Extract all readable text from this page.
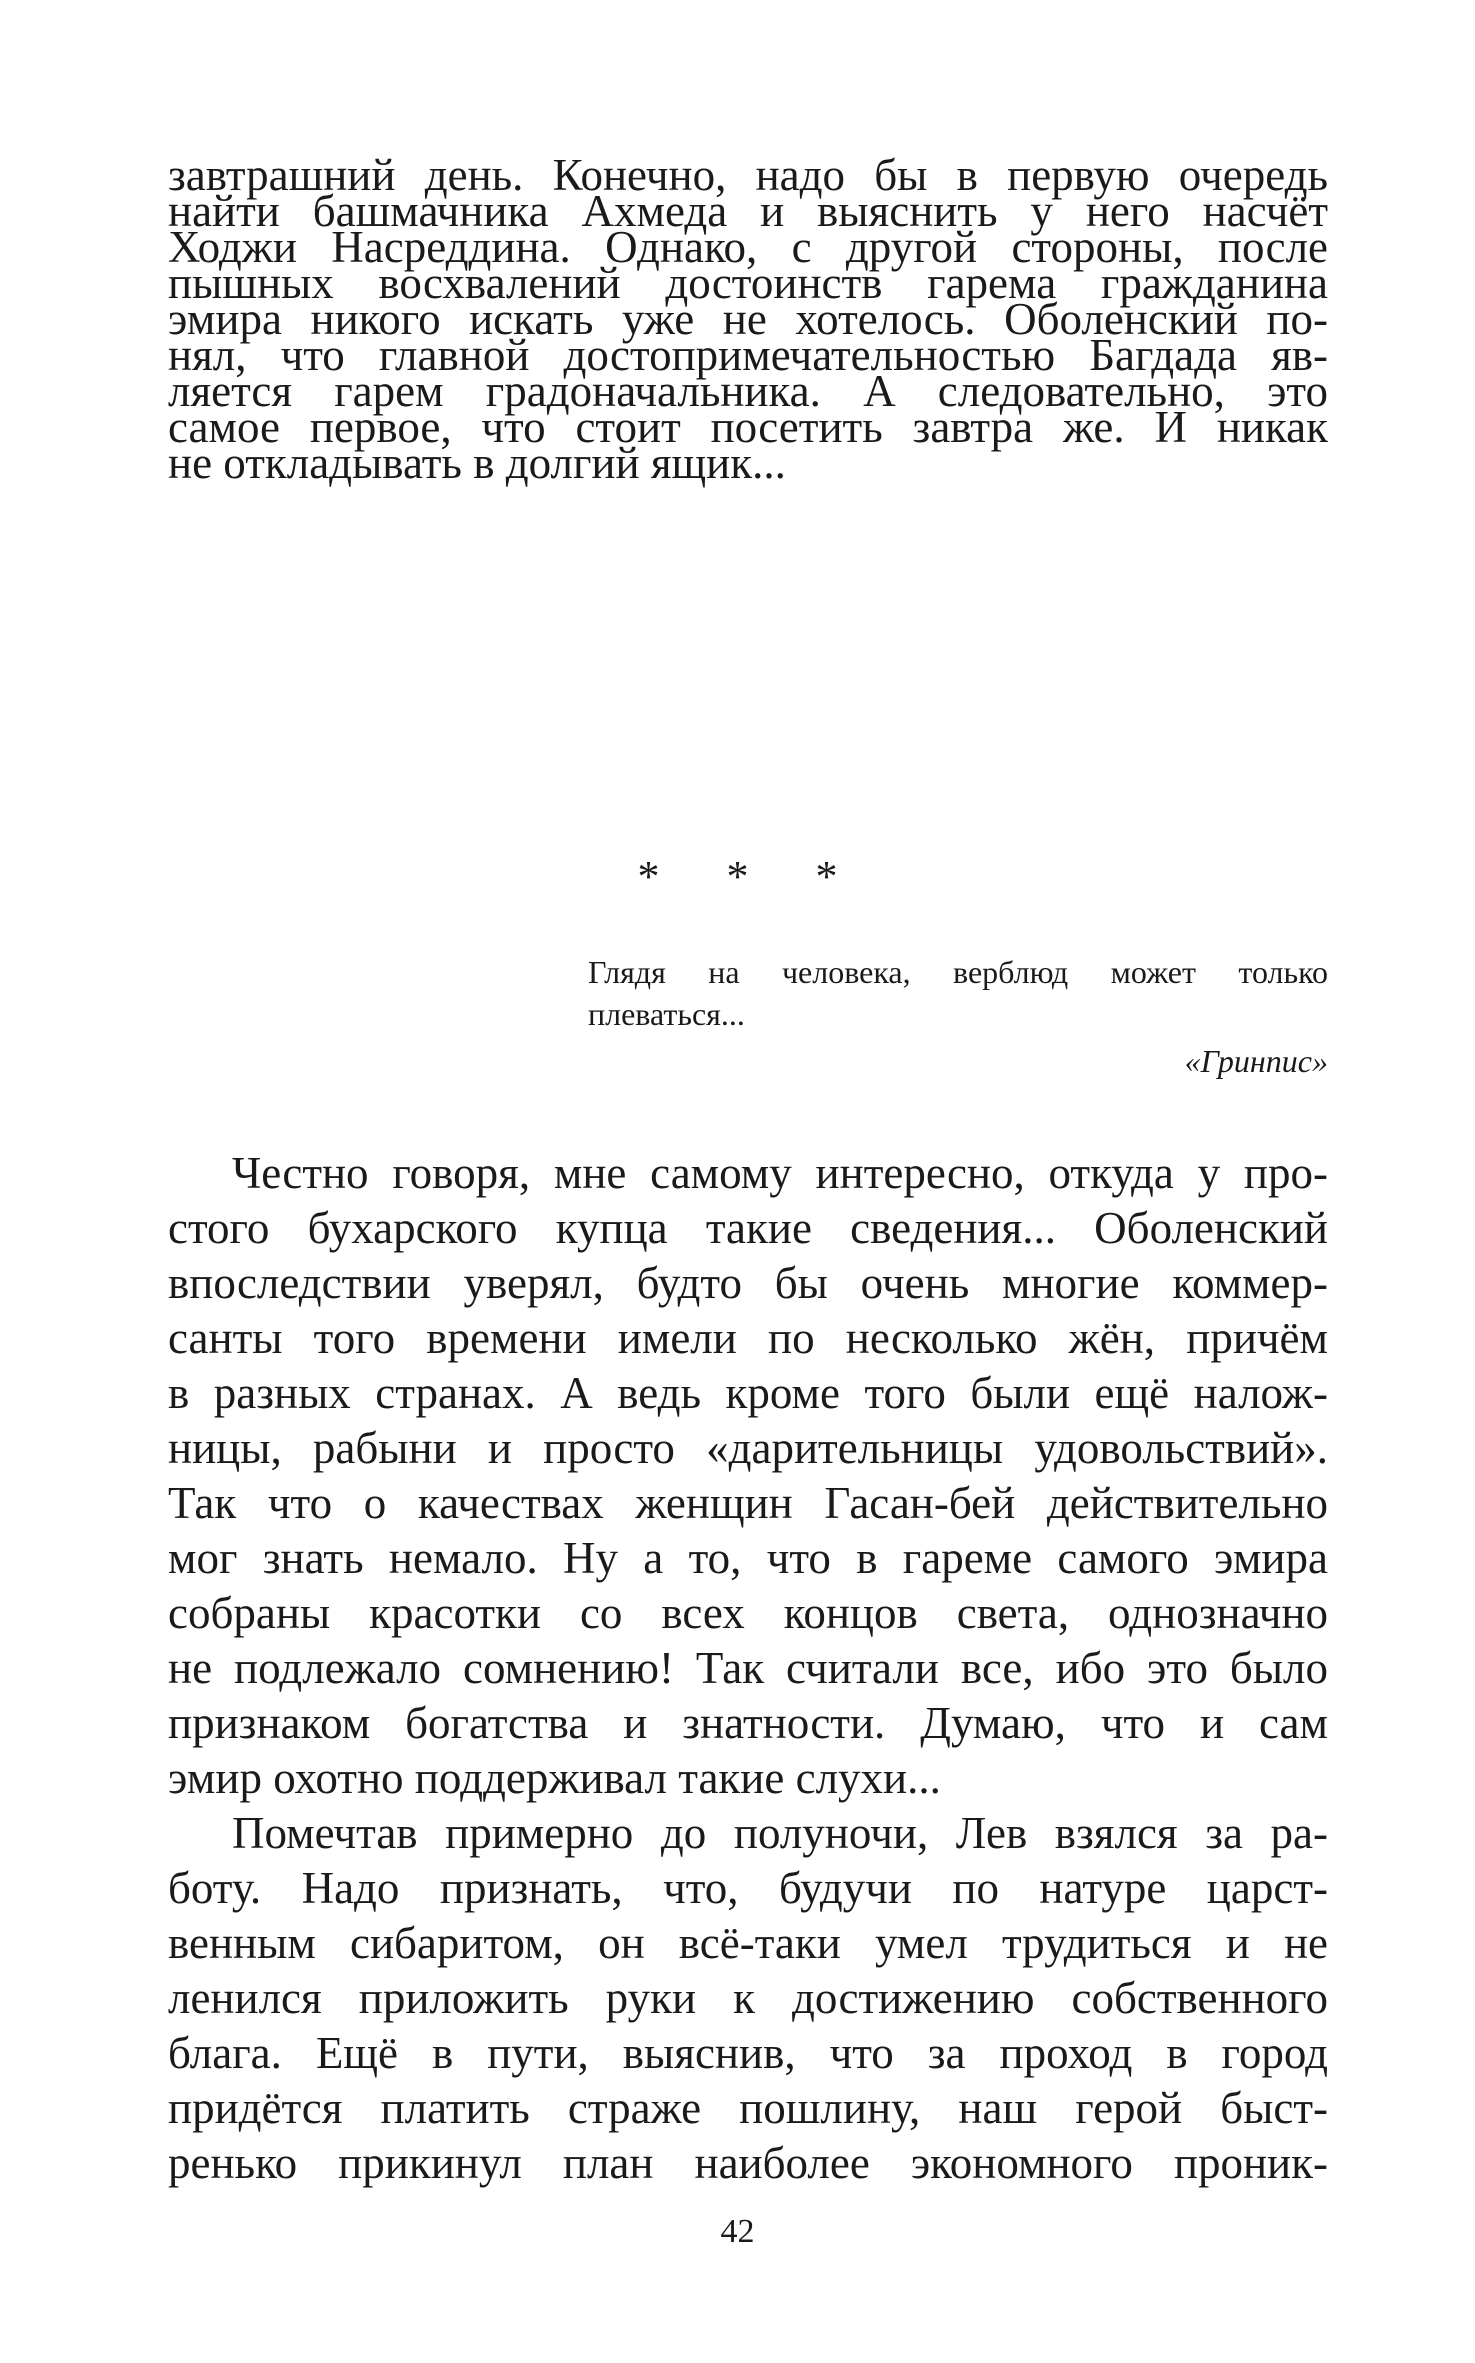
завтрашний день. Конечно, надо бы в первую очередь
найти башмачника Ахмеда и выяснить у него насчёт
Ходжи Насреддина. Однако, с другой стороны, после
пышных восхвалений достоинств гарема гражданина
эмира никого искать уже не хотелось. Оболенский по-
нял, что главной достопримечательностью Багдада яв-
ляется гарем градоначальника. А следовательно, это
самое первое, что стоит посетить завтра же. И никак
не откладывать в долгий ящик...
* * *
Глядя на человека, верблюд может только
плеваться...
«Гринпис»
Честно говоря, мне самому интересно, откуда у про-
стого бухарского купца такие сведения... Оболенский
впоследствии уверял, будто бы очень многие коммер-
санты того времени имели по несколько жён, причём
в разных странах. А ведь кроме того были ещё налож-
ницы, рабыни и просто «дарительницы удовольствий».
Так что о качествах женщин Гасан-бей действительно
мог знать немало. Ну а то, что в гареме самого эмира
собраны красотки со всех концов света, однозначно
не подлежало сомнению! Так считали все, ибо это было
признаком богатства и знатности. Думаю, что и сам
эмир охотно поддерживал такие слухи...
Помечтав примерно до полуночи, Лев взялся за ра-
боту. Надо признать, что, будучи по натуре царст-
венным сибаритом, он всё-таки умел трудиться и не
ленился приложить руки к достижению собственного
блага. Ещё в пути, выяснив, что за проход в город
придётся платить страже пошлину, наш герой быст-
ренько прикинул план наиболее экономного проник-
42
